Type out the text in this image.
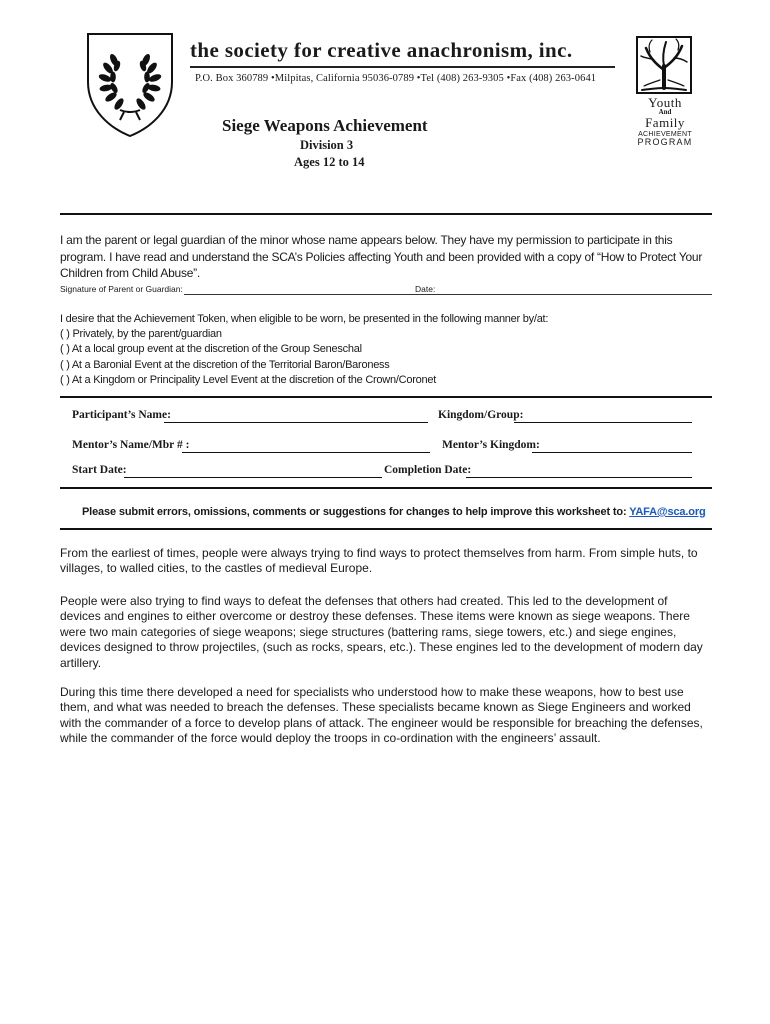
the society for creative anachronism, inc.
P.O. Box 360789 •Milpitas, California 95036-0789 •Tel (408) 263-9305 •Fax (408) 263-0641
Youth
And
Family
ACHIEVEMENT
PROGRAM
Siege Weapons Achievement
Division 3
Ages 12 to 14
I am the parent or legal guardian of the minor whose name appears below. They have my permission to participate in this program. I have read and understand the SCA’s Policies affecting Youth and been provided with a copy of “How to Protect Your Children from Child Abuse”.
Signature of Parent or Guardian:	Date:
I desire that the Achievement Token, when eligible to be worn, be presented in the following manner by/at:
( ) Privately, by the parent/guardian
( ) At a local group event at the discretion of the Group Seneschal
( ) At a Baronial Event at the discretion of the Territorial Baron/Baroness
( ) At a Kingdom or Principality Level Event at the discretion of the Crown/Coronet
Participant’s Name:	Kingdom/Group:
Mentor’s Name/Mbr # :	Mentor’s Kingdom:
Start Date:	Completion Date:
Please submit errors, omissions, comments or suggestions for changes to help improve this worksheet to: YAFA@sca.org
From the earliest of times, people were always trying to find ways to protect themselves from harm. From simple huts, to villages, to walled cities, to the castles of medieval Europe.
People were also trying to find ways to defeat the defenses that others had created. This led to the development of devices and engines to either overcome or destroy these defenses. These items were known as siege weapons. There were two main categories of siege weapons; siege structures (battering rams, siege towers, etc.) and siege engines, devices designed to throw projectiles, (such as rocks, spears, etc.). These engines led to the development of modern day artillery.
During this time there developed a need for specialists who understood how to make these weapons, how to best use them, and what was needed to breach the defenses. These specialists became known as Siege Engineers and worked with the commander of a force to develop plans of attack. The engineer would be responsible for breaching the defenses, while the commander of the force would deploy the troops in co-ordination with the engineers’ assault.
